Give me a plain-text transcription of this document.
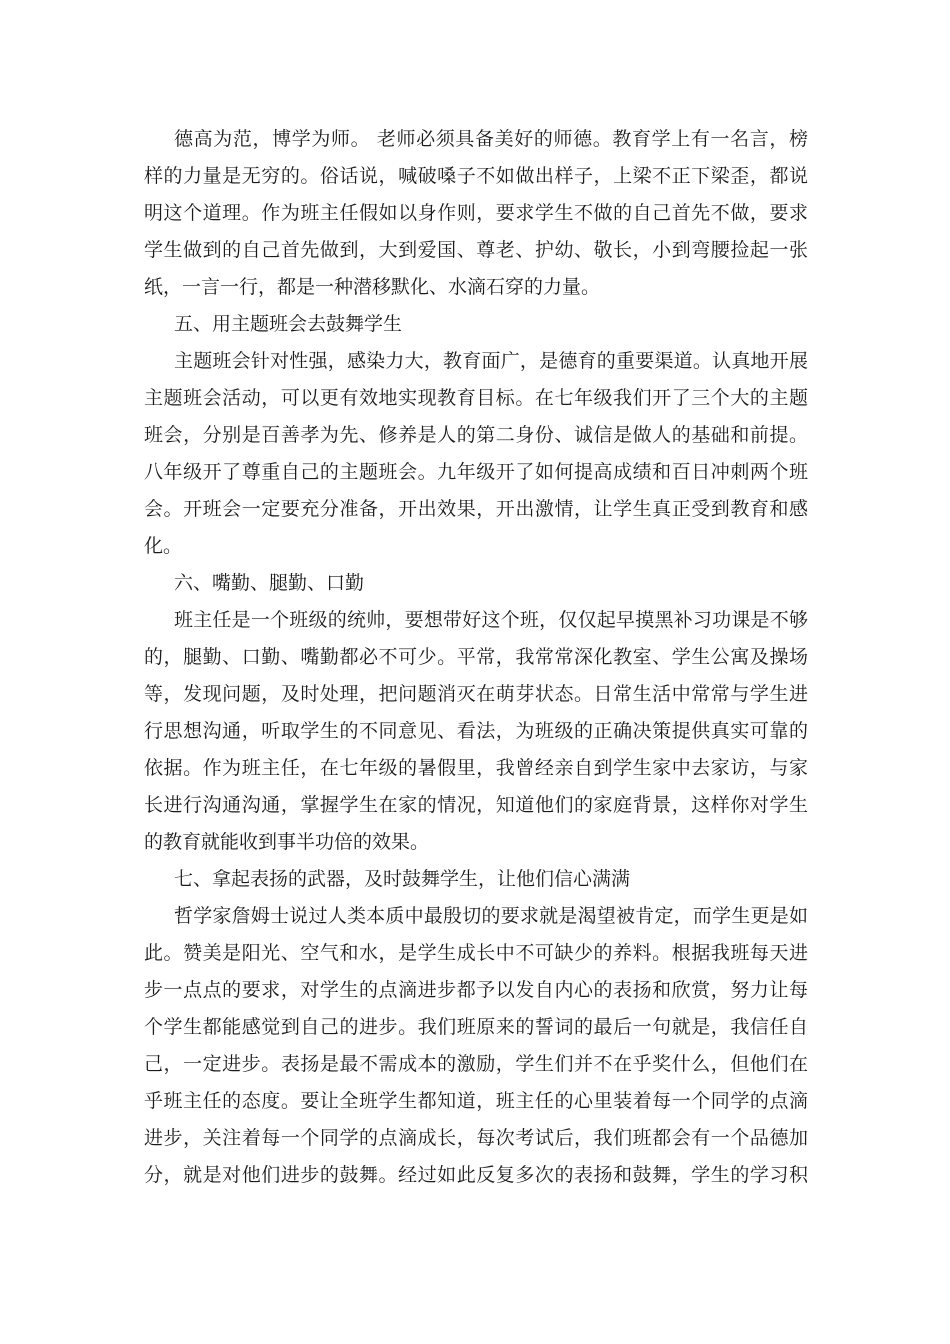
德高为范，博学为师。 老师必须具备美好的师德。教育学上有一名言，榜
样的力量是无穷的。俗话说，喊破嗓子不如做出样子，上梁不正下梁歪，都说
明这个道理。作为班主任假如以身作则，要求学生不做的自己首先不做，要求
学生做到的自己首先做到，大到爱国、尊老、护幼、敬长，小到弯腰捡起一张
纸，一言一行，都是一种潜移默化、水滴石穿的力量。
五、用主题班会去鼓舞学生
主题班会针对性强，感染力大，教育面广，是德育的重要渠道。认真地开展
主题班会活动，可以更有效地实现教育目标。在七年级我们开了三个大的主题
班会，分别是百善孝为先、修养是人的第二身份、诚信是做人的基础和前提。
八年级开了尊重自己的主题班会。九年级开了如何提高成绩和百日冲刺两个班
会。开班会一定要充分准备，开出效果，开出激情，让学生真正受到教育和感
化。
六、嘴勤、腿勤、口勤
班主任是一个班级的统帅，要想带好这个班，仅仅起早摸黑补习功课是不够
的，腿勤、口勤、嘴勤都必不可少。平常，我常常深化教室、学生公寓及操场
等，发现问题，及时处理，把问题消灭在萌芽状态。日常生活中常常与学生进
行思想沟通，听取学生的不同意见、看法，为班级的正确决策提供真实可靠的
依据。作为班主任，在七年级的暑假里，我曾经亲自到学生家中去家访，与家
长进行沟通沟通，掌握学生在家的情况，知道他们的家庭背景，这样你对学生
的教育就能收到事半功倍的效果。
七、拿起表扬的武器，及时鼓舞学生，让他们信心满满
哲学家詹姆士说过人类本质中最殷切的要求就是渴望被肯定，而学生更是如
此。赞美是阳光、空气和水，是学生成长中不可缺少的养料。根据我班每天进
步一点点的要求，对学生的点滴进步都予以发自内心的表扬和欣赏，努力让每
个学生都能感觉到自己的进步。我们班原来的誓词的最后一句就是，我信任自
己，一定进步。表扬是最不需成本的激励，学生们并不在乎奖什么，但他们在
乎班主任的态度。要让全班学生都知道，班主任的心里装着每一个同学的点滴
进步，关注着每一个同学的点滴成长，每次考试后，我们班都会有一个品德加
分，就是对他们进步的鼓舞。经过如此反复多次的表扬和鼓舞，学生的学习积
